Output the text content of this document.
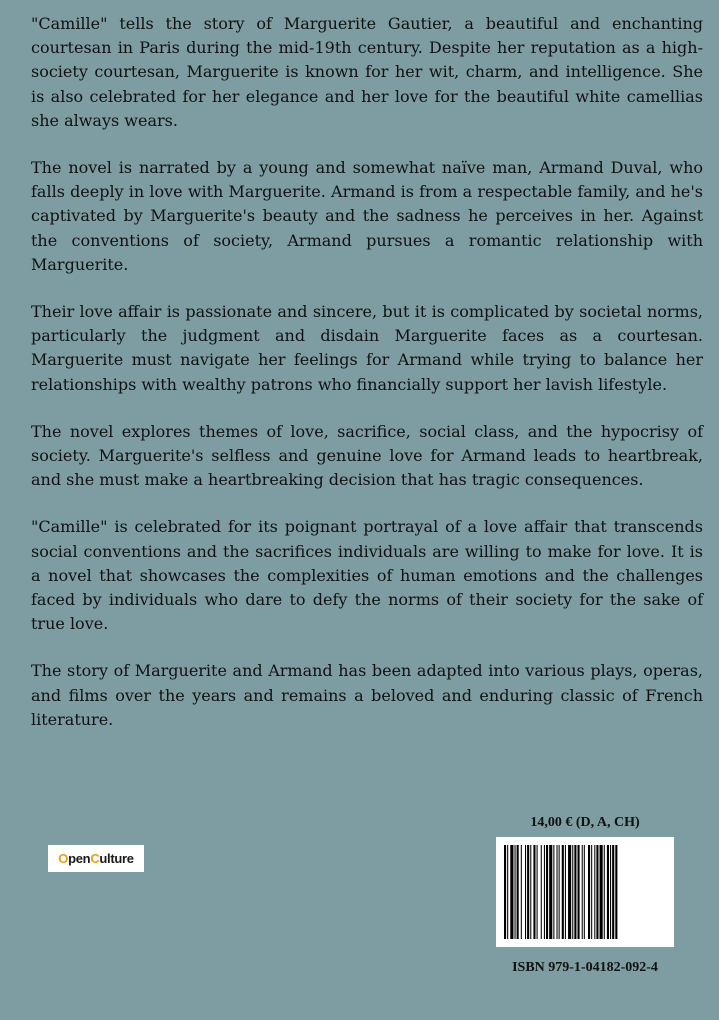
"Camille" tells the story of Marguerite Gautier, a beautiful and enchanting courtesan in Paris during the mid-19th century. Despite her reputation as a high-society courtesan, Marguerite is known for her wit, charm, and intelligence. She is also celebrated for her elegance and her love for the beautiful white camellias she always wears.

The novel is narrated by a young and somewhat naïve man, Armand Duval, who falls deeply in love with Marguerite. Armand is from a respectable family, and he's captivated by Marguerite's beauty and the sadness he perceives in her. Against the conventions of society, Armand pursues a romantic relationship with Marguerite.

Their love affair is passionate and sincere, but it is complicated by societal norms, particularly the judgment and disdain Marguerite faces as a courtesan. Marguerite must navigate her feelings for Armand while trying to balance her relationships with wealthy patrons who financially support her lavish lifestyle.

The novel explores themes of love, sacrifice, social class, and the hypocrisy of society. Marguerite's selfless and genuine love for Armand leads to heartbreak, and she must make a heartbreaking decision that has tragic consequences.

"Camille" is celebrated for its poignant portrayal of a love affair that transcends social conventions and the sacrifices individuals are willing to make for love. It is a novel that showcases the complexities of human emotions and the challenges faced by individuals who dare to defy the norms of their society for the sake of true love.

The story of Marguerite and Armand has been adapted into various plays, operas, and films over the years and remains a beloved and enduring classic of French literature.

O pen C ulture
14,00 € (D, A, CH)
ISBN 979-1-04182-092-4
